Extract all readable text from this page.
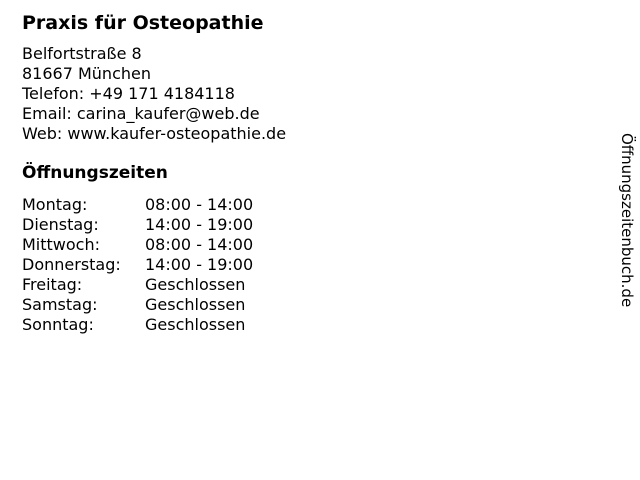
Praxis für Osteopathie

Belfortstraße 8

81667 München

Telefon: +49 171 4184118

Email: carina_kaufer@web.de

Web: www.kaufer-osteopathie.de

Öffnungszeiten
Montag:	08:00 - 14:00
Dienstag:	14:00 - 19:00
Mittwoch:	08:00 - 14:00
Donnerstag:	14:00 - 19:00
Freitag:	Geschlossen
Samstag:	Geschlossen
Sonntag:	Geschlossen
Öffnungszeitenbuch.de
